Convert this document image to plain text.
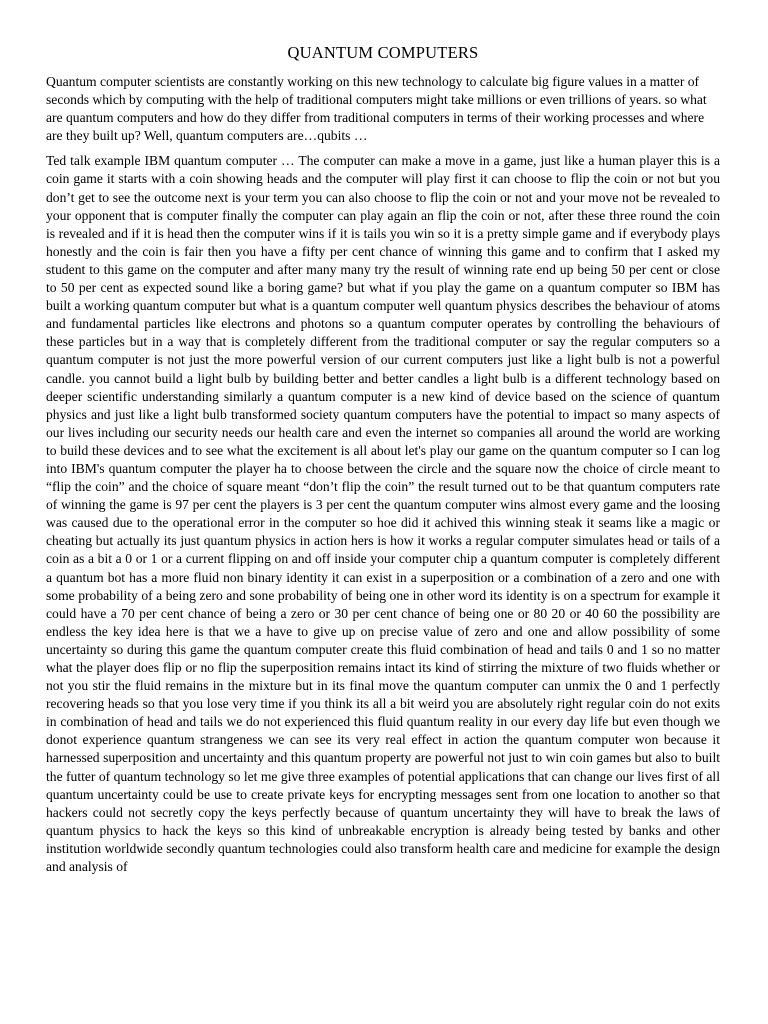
QUANTUM COMPUTERS

Quantum computer scientists are constantly working on this new technology to calculate big figure values in a matter of seconds which by computing with the help of traditional computers might take millions or even trillions of years. so what are quantum computers and how do they differ from traditional computers in terms of their working processes and where are they built up? Well, quantum computers are…qubits …

Ted talk example IBM quantum computer … The computer can make a move in a game, just like a human player this is a coin game it starts with a coin showing heads and the computer will play first it can choose to flip the coin or not but you don’t get to see the outcome next is your term you can also choose to flip the coin or not and your move not be revealed to your opponent that is computer finally the computer can play again an flip the coin or not, after these three round the coin is revealed and if it is head then the computer wins if it is tails you win so it is a pretty simple game and if everybody plays honestly and the coin is fair then you have a fifty per cent chance of winning this game and to confirm that I asked my student to this game on the computer and after many many try the result of winning rate end up being 50 per cent or close to 50 per cent as expected sound like a boring game? but what if you play the game on a quantum computer so IBM has built a working quantum computer but what is a quantum computer well quantum physics describes the behaviour of atoms and fundamental particles like electrons and photons so a quantum computer operates by controlling the behaviours of these particles but in a way that is completely different from the traditional computer or say the regular computers so a quantum computer is not just the more powerful version of our current computers just like a light bulb is not a powerful candle. you cannot build a light bulb by building better and better candles a light bulb is a different technology based on deeper scientific understanding similarly a quantum computer is a new kind of device based on the science of quantum physics and just like a light bulb transformed society quantum computers have the potential to impact so many aspects of our lives including our security needs our health care and even the internet so companies all around the world are working to build these devices and to see what the excitement is all about let's play our game on the quantum computer so I can log into IBM's quantum computer the player ha to choose between the circle and the square now the choice of circle meant to “flip the coin” and the choice of square meant “don’t flip the coin” the result turned out to be that quantum computers rate of winning the game is 97 per cent the players is 3 per cent the quantum computer wins almost every game and the loosing was caused due to the operational error in the computer so hoe did it achived this winning steak it seams like a magic or cheating but actually its just quantum physics in action hers is how it works a regular computer simulates head or tails of a coin as a bit a 0 or 1 or a current flipping on and off inside your computer chip a quantum computer is completely different a quantum bot has a more fluid non binary identity it can exist in a superposition or a combination of a zero and one with some probability of a being zero and sone probability of being one in other word its identity is on a spectrum for example it could have a 70 per cent chance of being a zero or 30 per cent chance of being one or 80 20 or 40 60 the possibility are endless the key idea here is that we a have to give up on precise value of zero and one and allow possibility of some uncertainty so during this game the quantum computer create this fluid combination of head and tails 0 and 1 so no matter what the player does flip or no flip the superposition remains intact its kind of stirring the mixture of two fluids whether or not you stir the fluid remains in the mixture but in its final move the quantum computer can unmix the 0 and 1 perfectly recovering heads so that you lose very time if you think its all a bit weird you are absolutely right regular coin do not exits in combination of head and tails we do not experienced this fluid quantum reality in our every day life but even though we donot experience quantum strangeness we can see its very real effect in action the quantum computer won because it harnessed superposition and uncertainty and this quantum property are powerful not just to win coin games but also to built the futter of quantum technology so let me give three examples of potential applications that can change our lives first of all quantum uncertainty could be use to create private keys for encrypting messages sent from one location to another so that hackers could not secretly copy the keys perfectly because of quantum uncertainty they will have to break the laws of quantum physics to hack the keys so this kind of unbreakable encryption is already being tested by banks and other institution worldwide secondly quantum technologies could also transform health care and medicine for example the design and analysis of
